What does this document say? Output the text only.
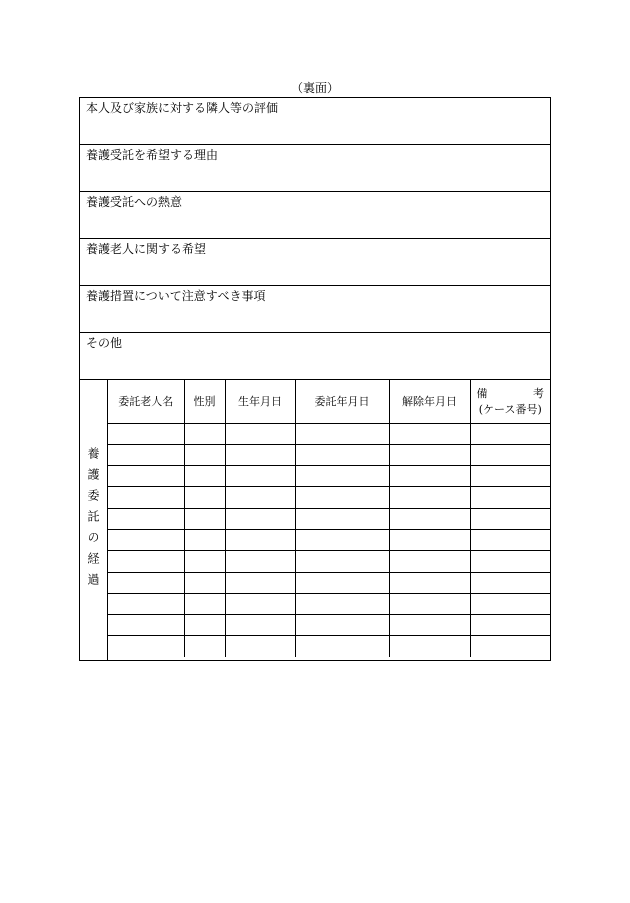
（裏面）
本人及び家族に対する隣人等の評価
養護受託を希望する理由
養護受託への熱意
養護老人に関する希望
養護措置について注意すべき事項
その他
養護委託の経過
委託老人名	性別	生年月日	委託年月日	解除年月日	備 考
(ケース番号)
